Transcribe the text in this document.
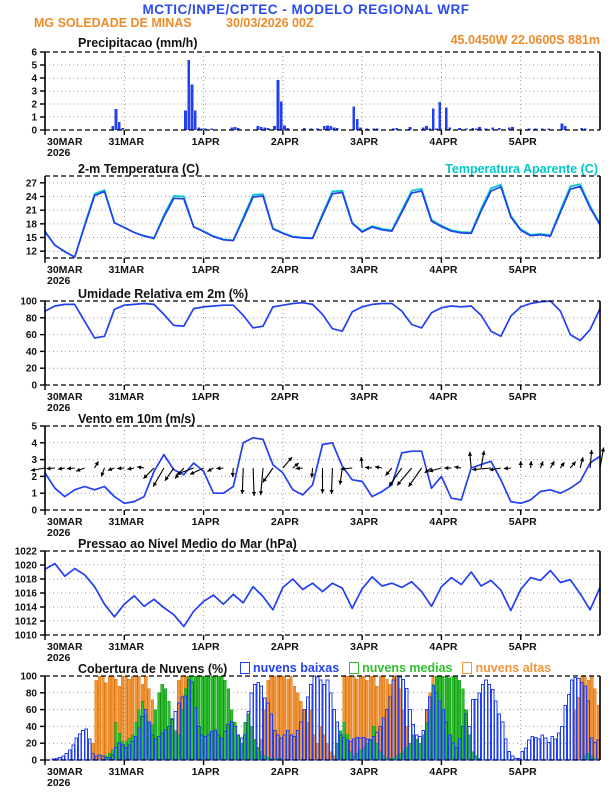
MCTIC/INPE/CPTEC - MODELO REGIONAL WRF
MG SOLEDADE DE MINAS	30/03/2026 00Z
45.0450W 22.0600S 881m
Precipitacao (mm/h)
2-m Temperatura (C)	Temperatura Aparente (C)
Umidade Relativa em 2m (%)
Vento em 10m (m/s)
Pressao ao Nivel Medio do Mar (hPa)
Cobertura de Nuvens (%) nuvens baixas nuvens medias nuvens altas
0
1
2
3
4
5
6
30MAR
2026
31MAR	1APR	2APR	3APR	4APR	5APR
12
15
18
21
24
27
30MAR
2026
31MAR	1APR	2APR	3APR	4APR	5APR
0
20
40
60
80
100
30MAR
2026
31MAR	1APR	2APR	3APR	4APR	5APR
0
1
2
3
4
5
30MAR
2026
31MAR	1APR	2APR	3APR	4APR	5APR
1010
1012
1014
1016
1018
1020
1022
30MAR
2026
31MAR	1APR	2APR	3APR	4APR	5APR
0
20
40
60
80
100
30MAR
2026
31MAR	1APR	2APR	3APR	4APR	5APR
